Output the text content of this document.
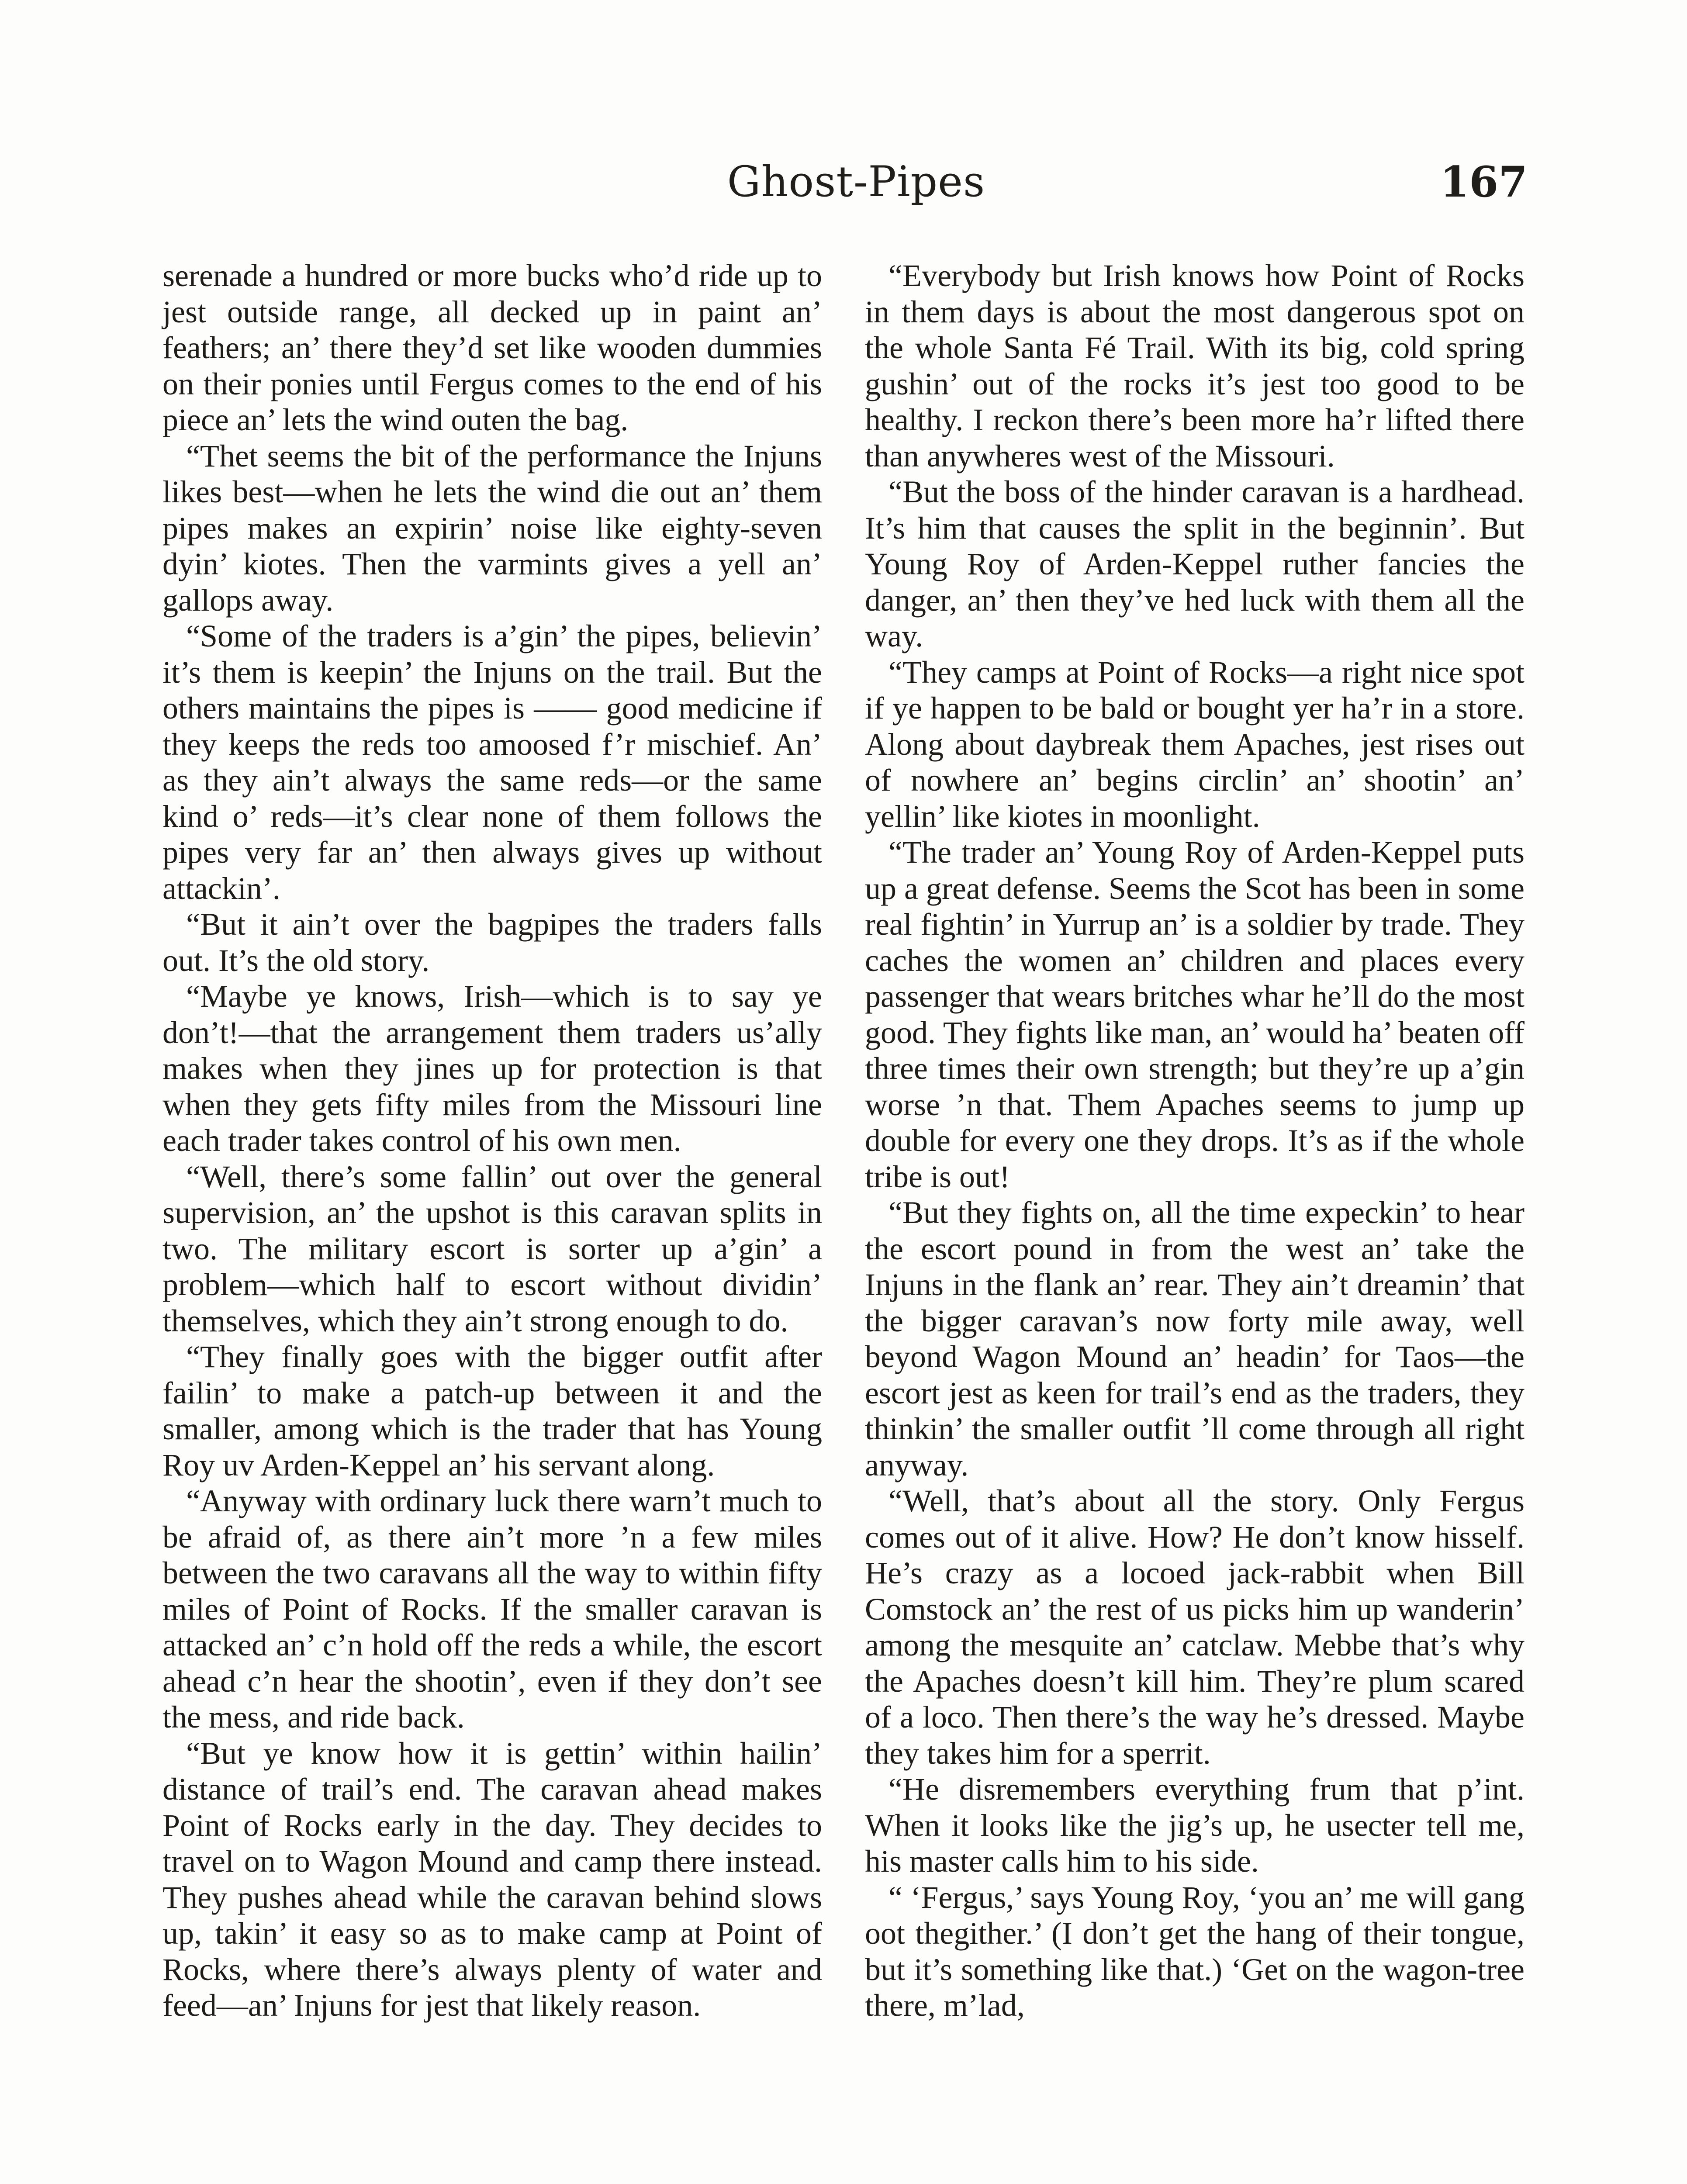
Ghost-Pipes	167

serenade a hundred or more bucks who’d ride up to jest outside range, all decked up in paint an’ feathers; an’ there they’d set like wooden dummies on their ponies until Fergus comes to the end of his piece an’ lets the wind outen the bag.

“Thet seems the bit of the performance the Injuns likes best—when he lets the wind die out an’ them pipes makes an expirin’ noise like eighty-seven dyin’ kiotes. Then the varmints gives a yell an’ gallops away.

“Some of the traders is a’gin’ the pipes, believin’ it’s them is keepin’ the Injuns on the trail. But the others maintains the pipes is —— good medicine if they keeps the reds too amoosed f’r mischief. An’ as they ain’t always the same reds—or the same kind o’ reds—it’s clear none of them follows the pipes very far an’ then always gives up without attackin’.

“But it ain’t over the bagpipes the traders falls out. It’s the old story.

“Maybe ye knows, Irish—which is to say ye don’t!—that the arrangement them traders us’ally makes when they jines up for protection is that when they gets fifty miles from the Missouri line each trader takes control of his own men.

“Well, there’s some fallin’ out over the general supervision, an’ the upshot is this caravan splits in two. The military escort is sorter up a’gin’ a problem—which half to escort without dividin’ themselves, which they ain’t strong enough to do.

“They finally goes with the bigger outfit after failin’ to make a patch-up between it and the smaller, among which is the trader that has Young Roy uv Arden-Keppel an’ his servant along.

“Anyway with ordinary luck there warn’t much to be afraid of, as there ain’t more ’n a few miles between the two caravans all the way to within fifty miles of Point of Rocks. If the smaller caravan is attacked an’ c’n hold off the reds a while, the escort ahead c’n hear the shootin’, even if they don’t see the mess, and ride back.

“But ye know how it is gettin’ within hailin’ distance of trail’s end. The caravan ahead makes Point of Rocks early in the day. They decides to travel on to Wagon Mound and camp there instead. They pushes ahead while the caravan behind slows up, takin’ it easy so as to make camp at Point of Rocks, where there’s always plenty of water and feed—an’ Injuns for jest that likely reason.

“Everybody but Irish knows how Point of Rocks in them days is about the most dangerous spot on the whole Santa Fé Trail. With its big, cold spring gushin’ out of the rocks it’s jest too good to be healthy. I reckon there’s been more ha’r lifted there than anywheres west of the Missouri.

“But the boss of the hinder caravan is a hardhead. It’s him that causes the split in the beginnin’. But Young Roy of Arden-Keppel ruther fancies the danger, an’ then they’ve hed luck with them all the way.

“They camps at Point of Rocks—a right nice spot if ye happen to be bald or bought yer ha’r in a store. Along about daybreak them Apaches, jest rises out of nowhere an’ begins circlin’ an’ shootin’ an’ yellin’ like kiotes in moonlight.

“The trader an’ Young Roy of Arden-Keppel puts up a great defense. Seems the Scot has been in some real fightin’ in Yurrup an’ is a soldier by trade. They caches the women an’ children and places every passenger that wears britches whar he’ll do the most good. They fights like man, an’ would ha’ beaten off three times their own strength; but they’re up a’gin worse ’n that. Them Apaches seems to jump up double for every one they drops. It’s as if the whole tribe is out!

“But they fights on, all the time expeckin’ to hear the escort pound in from the west an’ take the Injuns in the flank an’ rear. They ain’t dreamin’ that the bigger caravan’s now forty mile away, well beyond Wagon Mound an’ headin’ for Taos—the escort jest as keen for trail’s end as the traders, they thinkin’ the smaller outfit ’ll come through all right anyway.

“Well, that’s about all the story. Only Fergus comes out of it alive. How? He don’t know hisself. He’s crazy as a locoed jack-rabbit when Bill Comstock an’ the rest of us picks him up wanderin’ among the mesquite an’ catclaw. Mebbe that’s why the Apaches doesn’t kill him. They’re plum scared of a loco. Then there’s the way he’s dressed. Maybe they takes him for a sperrit.

“He disremembers everything frum that p’int. When it looks like the jig’s up, he usecter tell me, his master calls him to his side.

“ ‘Fergus,’ says Young Roy, ‘you an’ me will gang oot thegither.’ (I don’t get the hang of their tongue, but it’s something like that.) ‘Get on the wagon-tree there, m’lad,
